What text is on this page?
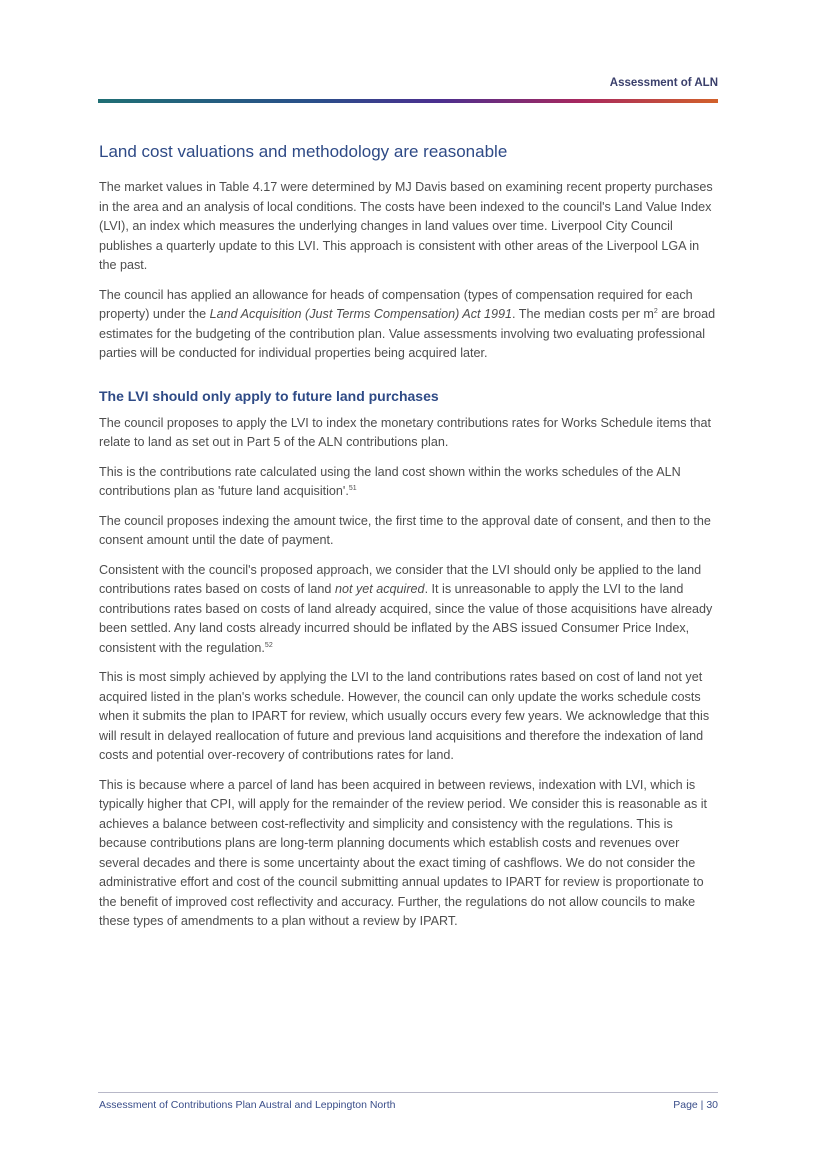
Assessment of ALN
Land cost valuations and methodology are reasonable

The market values in Table 4.17 were determined by MJ Davis based on examining recent property purchases in the area and an analysis of local conditions. The costs have been indexed to the council's Land Value Index (LVI), an index which measures the underlying changes in land values over time. Liverpool City Council publishes a quarterly update to this LVI. This approach is consistent with other areas of the Liverpool LGA in the past.

The council has applied an allowance for heads of compensation (types of compensation required for each property) under the Land Acquisition (Just Terms Compensation) Act 1991. The median costs per $m^2$ are broad estimates for the budgeting of the contribution plan. Value assessments involving two evaluating professional parties will be conducted for individual properties being acquired later.

The LVI should only apply to future land purchases

The council proposes to apply the LVI to index the monetary contributions rates for Works Schedule items that relate to land as set out in Part 5 of the ALN contributions plan.

This is the contributions rate calculated using the land cost shown within the works schedules of the ALN contributions plan as 'future land acquisition'.$^{51}$

The council proposes indexing the amount twice, the first time to the approval date of consent, and then to the consent amount until the date of payment.

Consistent with the council's proposed approach, we consider that the LVI should only be applied to the land contributions rates based on costs of land not yet acquired. It is unreasonable to apply the LVI to the land contributions rates based on costs of land already acquired, since the value of those acquisitions have already been settled. Any land costs already incurred should be inflated by the ABS issued Consumer Price Index, consistent with the regulation.$^{52}$

This is most simply achieved by applying the LVI to the land contributions rates based on cost of land not yet acquired listed in the plan's works schedule. However, the council can only update the works schedule costs when it submits the plan to IPART for review, which usually occurs every few years. We acknowledge that this will result in delayed reallocation of future and previous land acquisitions and therefore the indexation of land costs and potential over-recovery of contributions rates for land.

This is because where a parcel of land has been acquired in between reviews, indexation with LVI, which is typically higher that CPI, will apply for the remainder of the review period. We consider this is reasonable as it achieves a balance between cost-reflectivity and simplicity and consistency with the regulations. This is because contributions plans are long-term planning documents which establish costs and revenues over several decades and there is some uncertainty about the exact timing of cashflows. We do not consider the administrative effort and cost of the council submitting annual updates to IPART for review is proportionate to the benefit of improved cost reflectivity and accuracy. Further, the regulations do not allow councils to make these types of amendments to a plan without a review by IPART.

Assessment of Contributions Plan Austral and Leppington North	Page | 30
